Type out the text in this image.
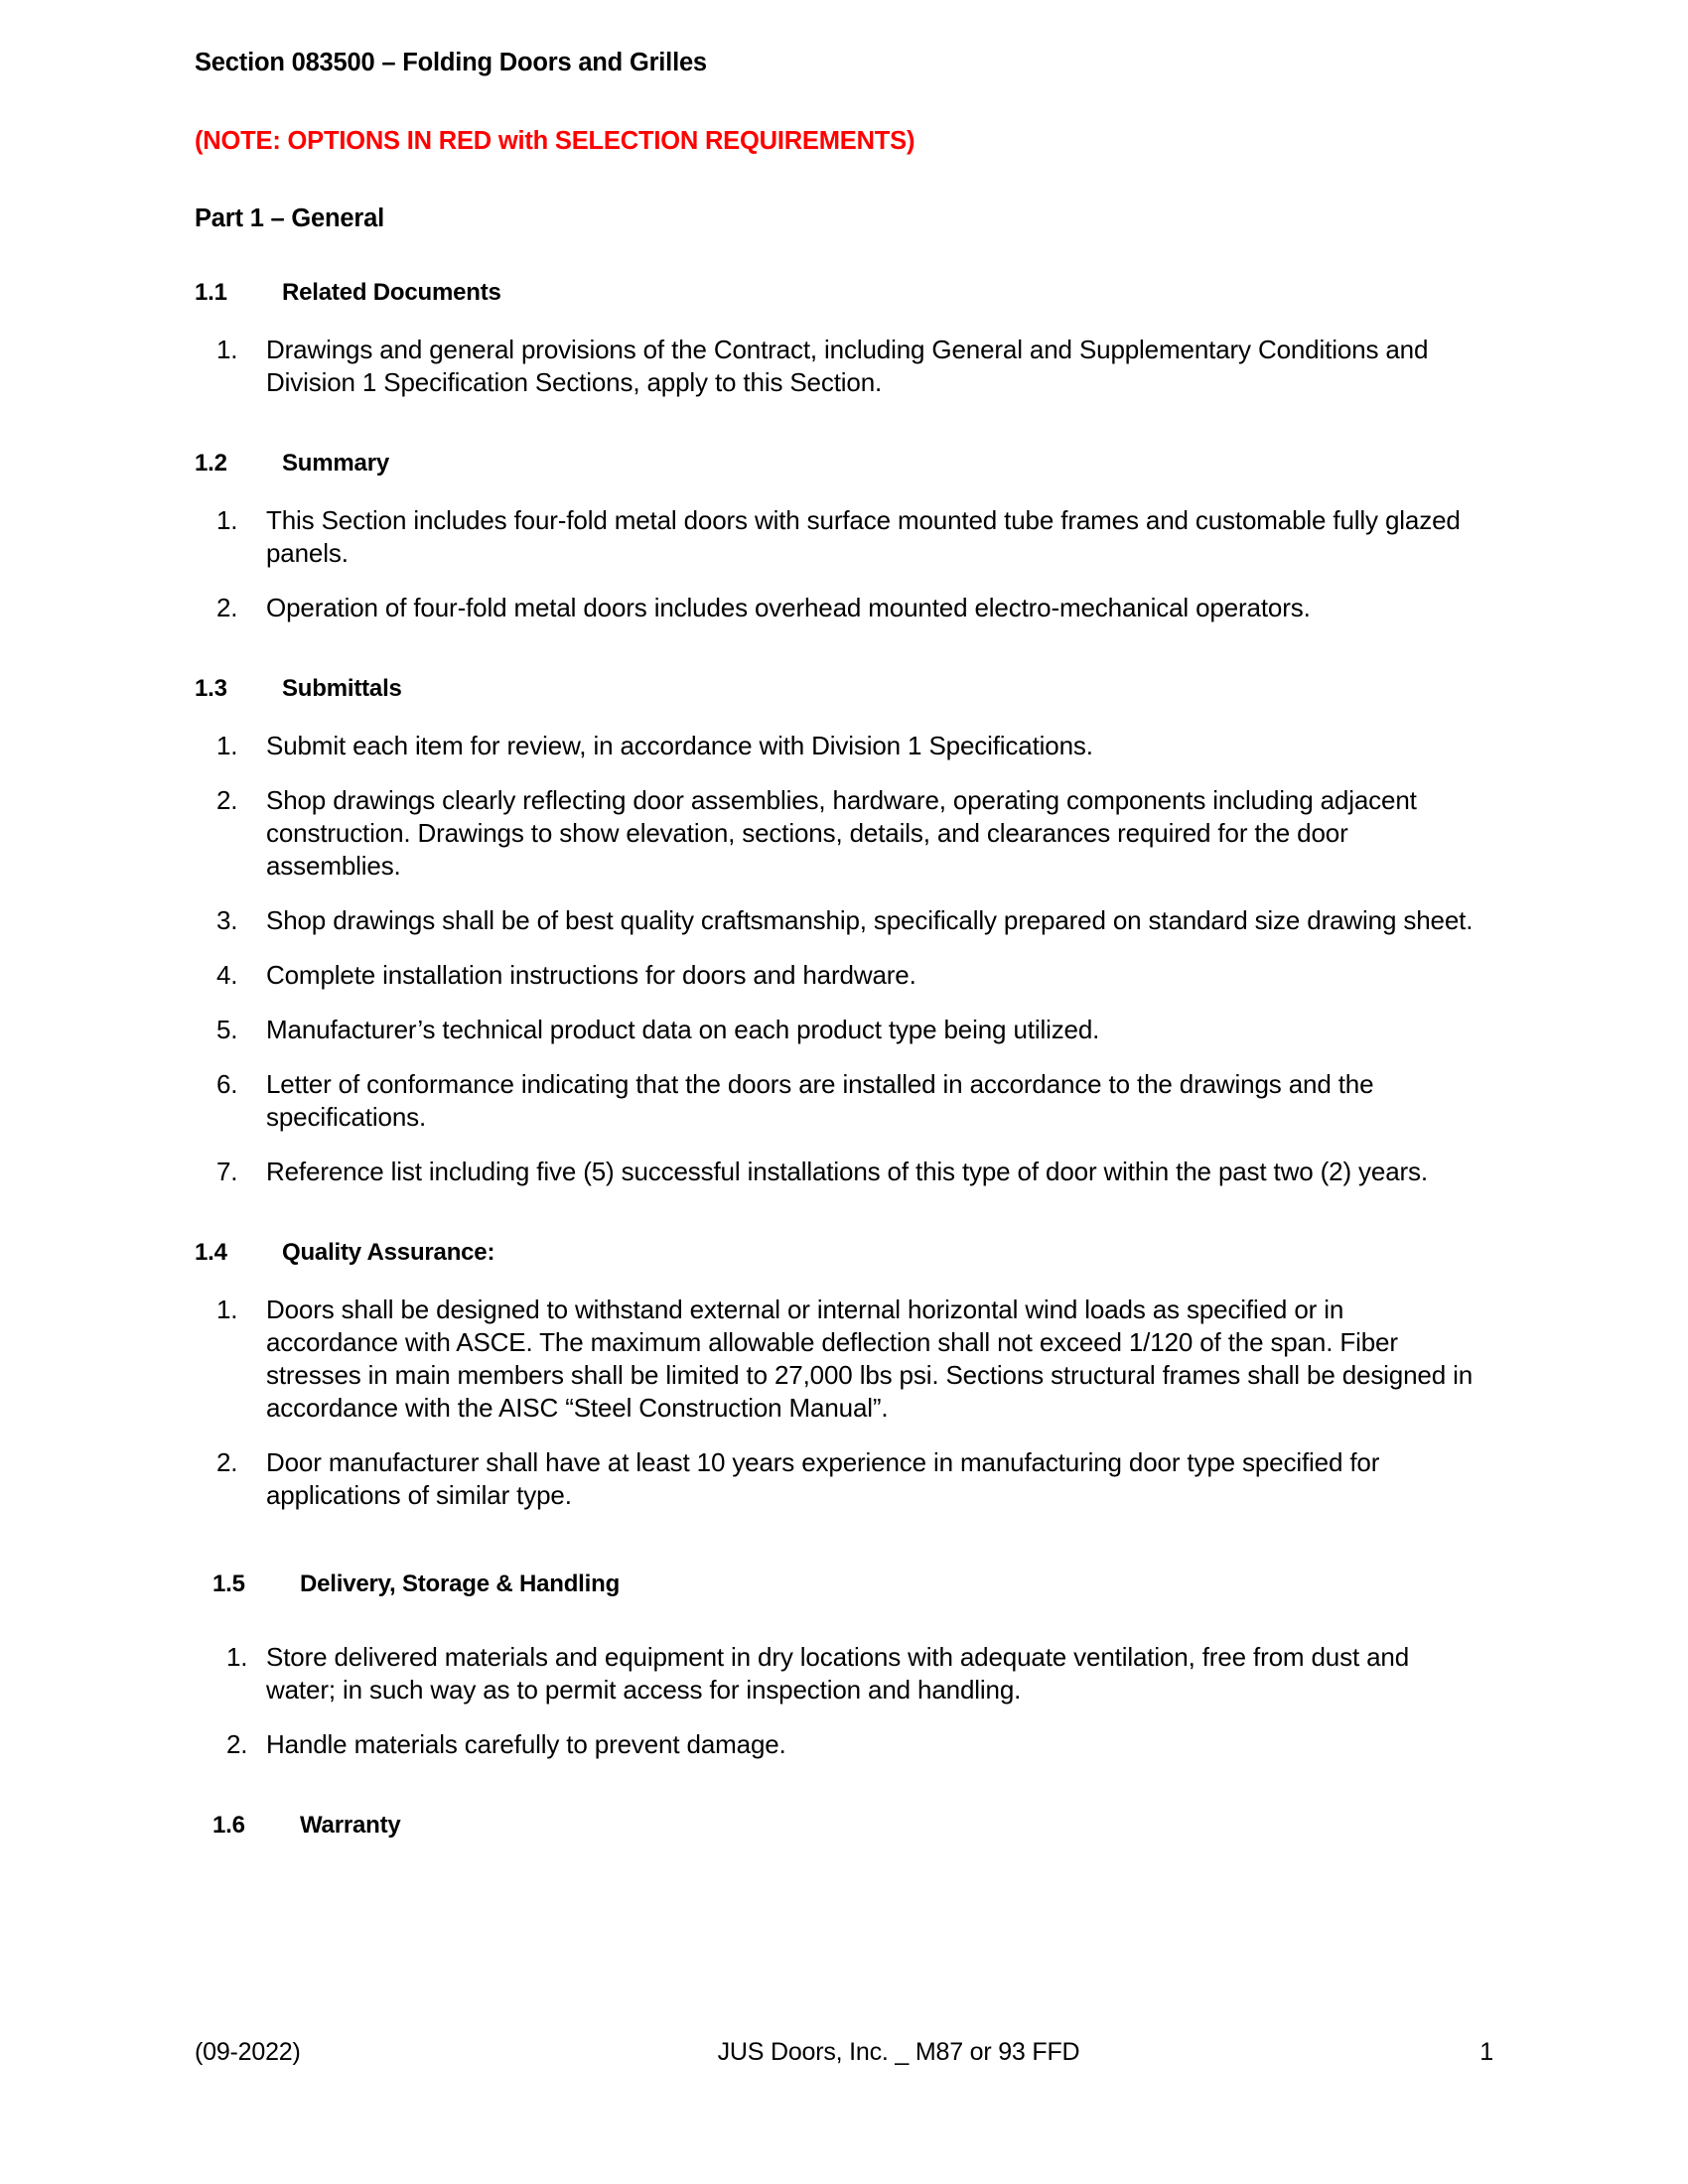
Section 083500 – Folding Doors and Grilles
(NOTE: OPTIONS IN RED with SELECTION REQUIREMENTS)
Part 1 – General
1.1	Related Documents
1.	Drawings and general provisions of the Contract, including General and Supplementary Conditions and Division 1 Specification Sections, apply to this Section.
1.2	Summary
1.	This Section includes four-fold metal doors with surface mounted tube frames and customable fully glazed panels.
2.	Operation of four-fold metal doors includes overhead mounted electro-mechanical operators.
1.3	Submittals
1.	Submit each item for review, in accordance with Division 1 Specifications.
2.	Shop drawings clearly reflecting door assemblies, hardware, operating components including adjacent construction. Drawings to show elevation, sections, details, and clearances required for the door assemblies.
3.	Shop drawings shall be of best quality craftsmanship, specifically prepared on standard size drawing sheet.
4.	Complete installation instructions for doors and hardware.
5.	Manufacturer’s technical product data on each product type being utilized.
6.	Letter of conformance indicating that the doors are installed in accordance to the drawings and the specifications.
7.	Reference list including five (5) successful installations of this type of door within the past two (2) years.
1.4	Quality Assurance:
1.	Doors shall be designed to withstand external or internal horizontal wind loads as specified or in accordance with ASCE. The maximum allowable deflection shall not exceed 1/120 of the span. Fiber stresses in main members shall be limited to 27,000 lbs psi. Sections structural frames shall be designed in accordance with the AISC “Steel Construction Manual”.
2.	Door manufacturer shall have at least 10 years experience in manufacturing door type specified for applications of similar type.
1.5	Delivery, Storage & Handling
1. Store delivered materials and equipment in dry locations with adequate ventilation, free from dust and water; in such way as to permit access for inspection and handling.
2. Handle materials carefully to prevent damage.
1.6	Warranty
(09-2022)	JUS Doors, Inc. _ M87 or 93 FFD	1
